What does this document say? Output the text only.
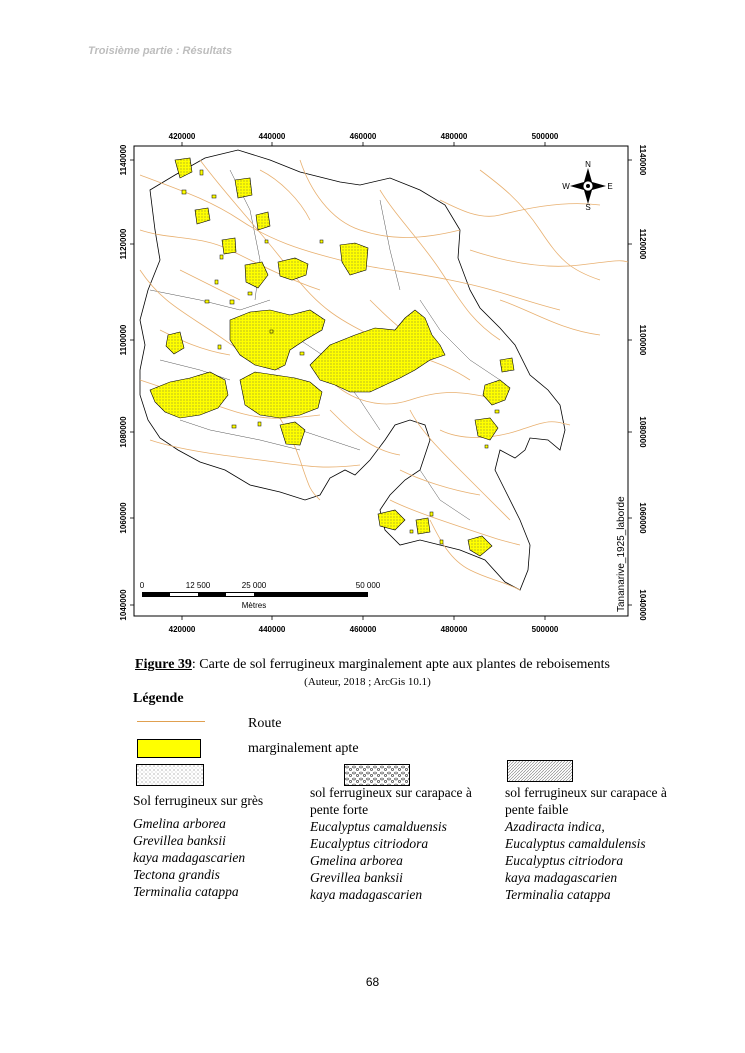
Troisième partie : Résultats
420000	440000	460000	480000	500000
420000	440000	460000	480000	500000
1140000
1120000
1100000
1080000
1060000
1040000
1140000
1120000
1100000
1080000
1060000
1040000
N
S
W	E
0	12 500	25 000	50 000
Mètres	Tananarive_1925_laborde
Figure 39: Carte de sol ferrugineux marginalement apte aux plantes de reboisements
(Auteur, 2018 ; ArcGis 10.1)
Légende
Route
marginalement apte
Sol ferrugineux sur grès
Gmelina arborea
Grevillea banksii
kaya madagascarien
Tectona grandis
Terminalia catappa
sol ferrugineux sur carapace à pente forte
Eucalyptus camalduensis
Eucalyptus citriodora
Gmelina arborea
Grevillea banksii
kaya madagascarien
sol ferrugineux sur carapace à pente faible
Azadiracta indica,
Eucalyptus camaldulensis
Eucalyptus citriodora
kaya madagascarien
Terminalia catappa
68
